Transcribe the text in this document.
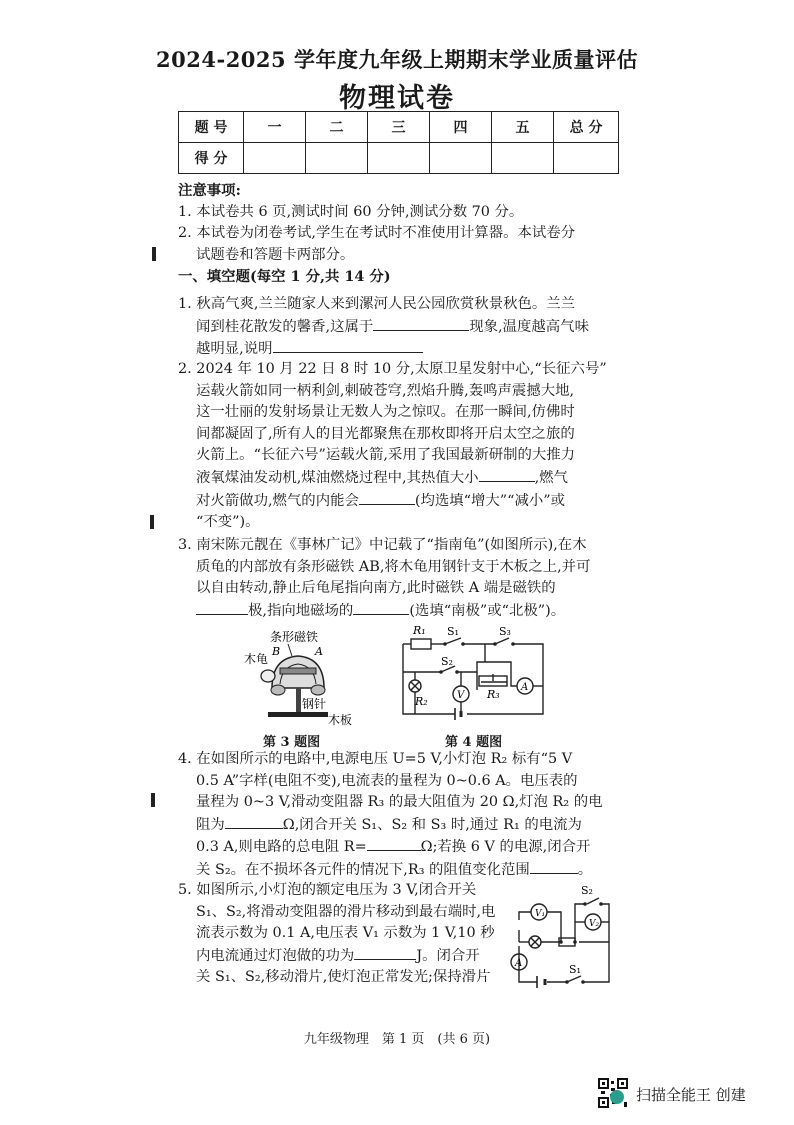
2024-2025 学年度九年级上期期末学业质量评估
物理试卷
题 号	一	二	三	四	五	总 分
得 分						
注意事项:
1. 本试卷共 6 页,测试时间 60 分钟,测试分数 70 分。
2. 本试卷为闭卷考试,学生在考试时不准使用计算器。本试卷分
试题卷和答题卡两部分。
一、填空题(每空 1 分,共 14 分)
1. 秋高气爽,兰兰随家人来到漯河人民公园欣赏秋景秋色。兰兰
闻到桂花散发的馨香,这属于	现象,温度越高气味
越明显,说明
2. 2024 年 10 月 22 日 8 时 10 分,太原卫星发射中心,“长征六号”
运载火箭如同一柄利剑,刺破苍穹,烈焰升腾,轰鸣声震撼大地,
这一壮丽的发射场景让无数人为之惊叹。在那一瞬间,仿佛时
间都凝固了,所有人的目光都聚焦在那枚即将开启太空之旅的
火箭上。“长征六号”运载火箭,采用了我国最新研制的大推力
液氧煤油发动机,煤油燃烧过程中,其热值大小	,燃气
对火箭做功,燃气的内能会	(均选填“增大”“减小”或
“不变”)。
3. 南宋陈元靓在《事林广记》中记载了“指南龟”(如图所示),在木
质龟的内部放有条形磁铁 AB,将木龟用钢针支于木板之上,并可
以自由转动,静止后龟尾指向南方,此时磁铁 A 端是磁铁的
极,指向地磁场的	(选填“南极”或“北极”)。
条形磁铁
木龟
B	A
钢针
木板
第 3 题图
R₁ S₁	S₃
S₂
R₂
R₃
V
A
第 4 题图
4. 在如图所示的电路中,电源电压 U=5 V,小灯泡 R₂ 标有“5 V
0.5 A”字样(电阻不变),电流表的量程为 0~0.6 A。电压表的
量程为 0~3 V,滑动变阻器 R₃ 的最大阻值为 20 Ω,灯泡 R₂ 的电
阻为	Ω,闭合开关 S₁、S₂ 和 S₃ 时,通过 R₁ 的电流为
0.3 A,则电路的总电阻 R=	Ω;若换 6 V 的电源,闭合开
关 S₂。在不损坏各元件的情况下,R₃ 的阻值变化范围	。
5. 如图所示,小灯泡的额定电压为 3 V,闭合开关
S₁、S₂,将滑动变阻器的滑片移动到最右端时,电
流表示数为 0.1 A,电压表 V₁ 示数为 1 V,10 秒
内电流通过灯泡做的功为	J。闭合开
关 S₁、S₂,移动滑片,使灯泡正常发光;保持滑片
V₁
V₂
A	S₁
S₂
九年级物理　第 1 页　(共 6 页)
扫描全能王 创建
